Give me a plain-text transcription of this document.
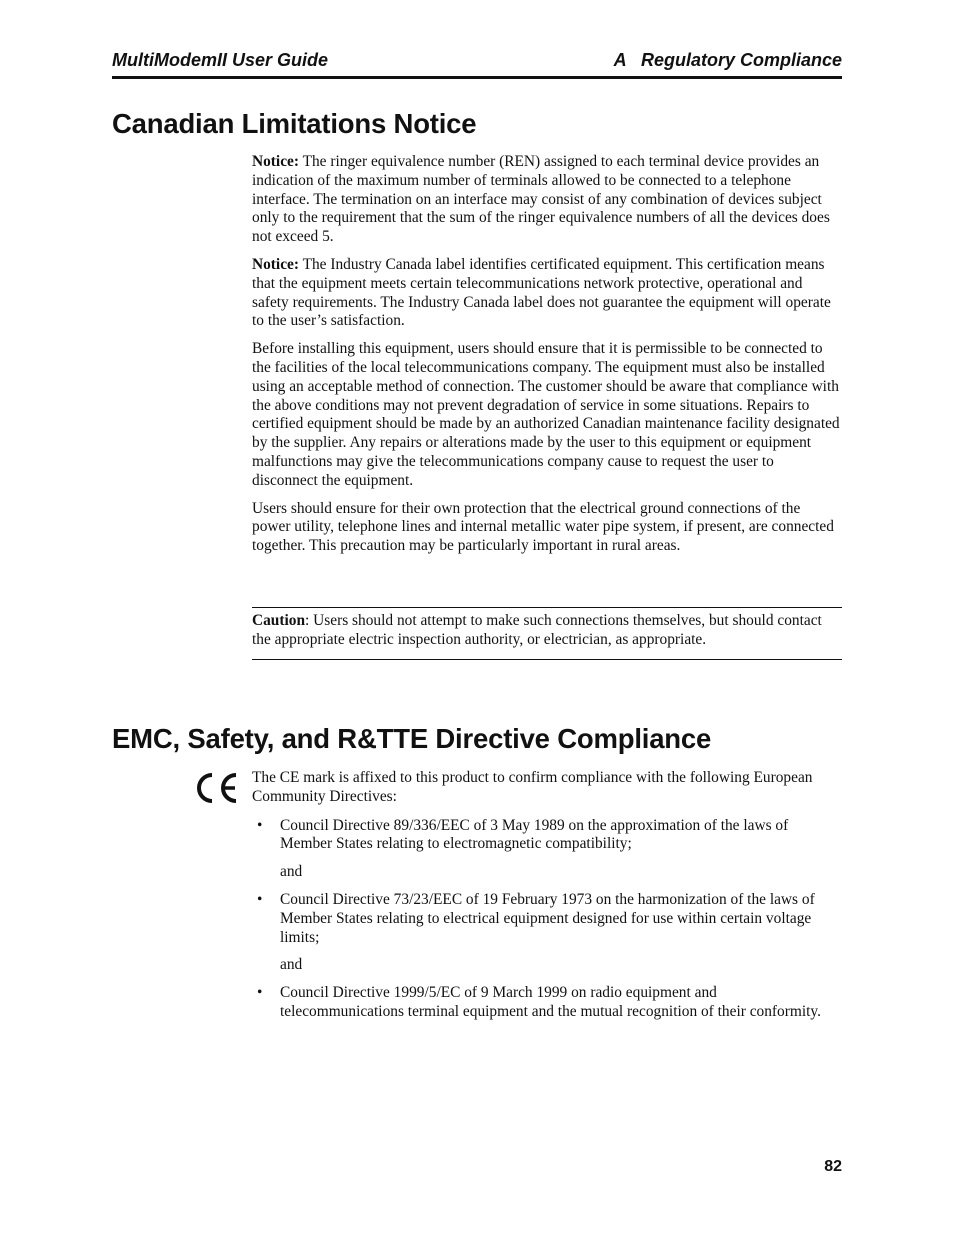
MultiModemII User Guide	A   Regulatory Compliance
Canadian Limitations Notice

Notice: The ringer equivalence number (REN) assigned to each terminal device provides an indication of the maximum number of terminals allowed to be connected to a telephone interface. The termination on an interface may consist of any combination of devices subject only to the requirement that the sum of the ringer equivalence numbers of all the devices does not exceed 5.

Notice: The Industry Canada label identifies certificated equipment. This certification means that the equipment meets certain telecommunications network protective, operational and safety requirements. The Industry Canada label does not guarantee the equipment will operate to the user’s satisfaction.

Before installing this equipment, users should ensure that it is permissible to be connected to the facilities of the local telecommunications company. The equipment must also be installed using an acceptable method of connection. The customer should be aware that compliance with the above conditions may not prevent degradation of service in some situations. Repairs to certified equipment should be made by an authorized Canadian maintenance facility designated by the supplier. Any repairs or alterations made by the user to this equipment or equipment malfunctions may give the telecommunications company cause to request the user to disconnect the equipment.

Users should ensure for their own protection that the electrical ground connections of the power utility, telephone lines and internal metallic water pipe system, if present, are connected together. This precaution may be particularly important in rural areas.

Caution: Users should not attempt to make such connections themselves, but should contact the appropriate electric inspection authority, or electrician, as appropriate.

EMC, Safety, and R&TTE Directive Compliance

The CE mark is affixed to this product to confirm compliance with the following European Community Directives:

• Council Directive 89/336/EEC of 3 May 1989 on the approximation of the laws of Member States relating to electromagnetic compatibility;
and
• Council Directive 73/23/EEC of 19 February 1973 on the harmonization of the laws of Member States relating to electrical equipment designed for use within certain voltage limits;
and
• Council Directive 1999/5/EC of 9 March 1999 on radio equipment and telecommunications terminal equipment and the mutual recognition of their conformity.
82
